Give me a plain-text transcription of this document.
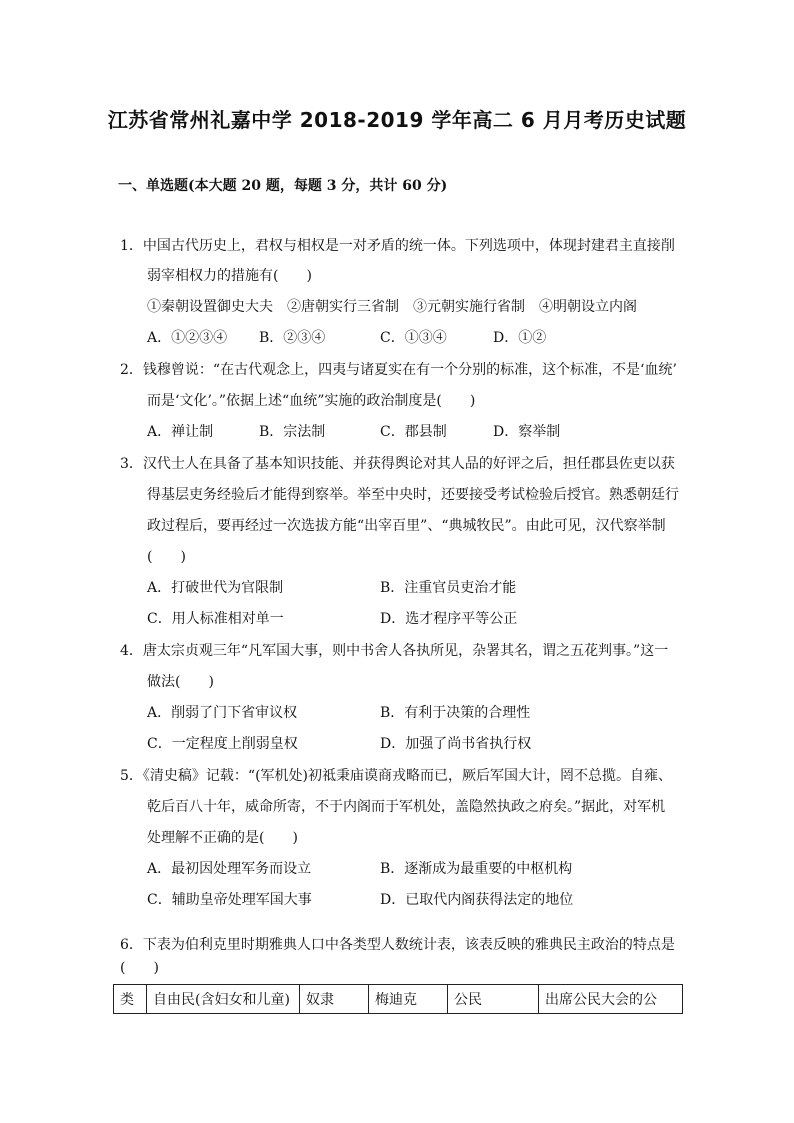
江苏省常州礼嘉中学 2018-2019 学年高二 6 月月考历史试题
一、单选题(本大题 20 题，每题 3 分，共计 60 分)
1．中国古代历史上，君权与相权是一对矛盾的统一体。下列选项中，体现封建君主直接削
弱宰相权力的措施有(　　)
①秦朝设置御史大夫　②唐朝实行三省制　③元朝实施行省制　④明朝设立内阁
A．①②③④ B．②③④	C．①③④	D．①②
2．钱穆曾说：“在古代观念上，四夷与诸夏实在有一个分别的标准，这个标准，不是‘血统’
而是‘文化’。”依据上述“血统”实施的政治制度是(　　)
A．禅让制	B．宗法制	C．郡县制	D．察举制
3．汉代士人在具备了基本知识技能、并获得舆论对其人品的好评之后，担任郡县佐吏以获
得基层吏务经验后才能得到察举。举至中央时，还要接受考试检验后授官。熟悉朝廷行
政过程后，要再经过一次选拔方能“出宰百里”、“典城牧民”。由此可见，汉代察举制
(　　)
A．打破世代为官限制	B．注重官员吏治才能
C．用人标准相对单一	D．选才程序平等公正
4．唐太宗贞观三年“凡军国大事，则中书舍人各执所见，杂署其名，谓之五花判事。”这一
做法(　　)
A．削弱了门下省审议权	B．有利于决策的合理性
C．一定程度上削弱皇权	D．加强了尚书省执行权
5．《清史稿》记载：“(军机处)初祗秉庙谟商戎略而已，厥后军国大计，罔不总揽。自雍、
乾后百八十年，威命所寄，不于内阁而于军机处，盖隐然执政之府矣。”据此，对军机
处理解不正确的是(　　)
A．最初因处理军务而设立	B．逐渐成为最重要的中枢机构
C．辅助皇帝处理军国大事	D．已取代内阁获得法定的地位
6．下表为伯利克里时期雅典人口中各类型人数统计表，该表反映的雅典民主政治的特点是
(　　)
类	自由民(含妇女和儿童)	奴隶	梅迪克	公民	出席公民大会的公
